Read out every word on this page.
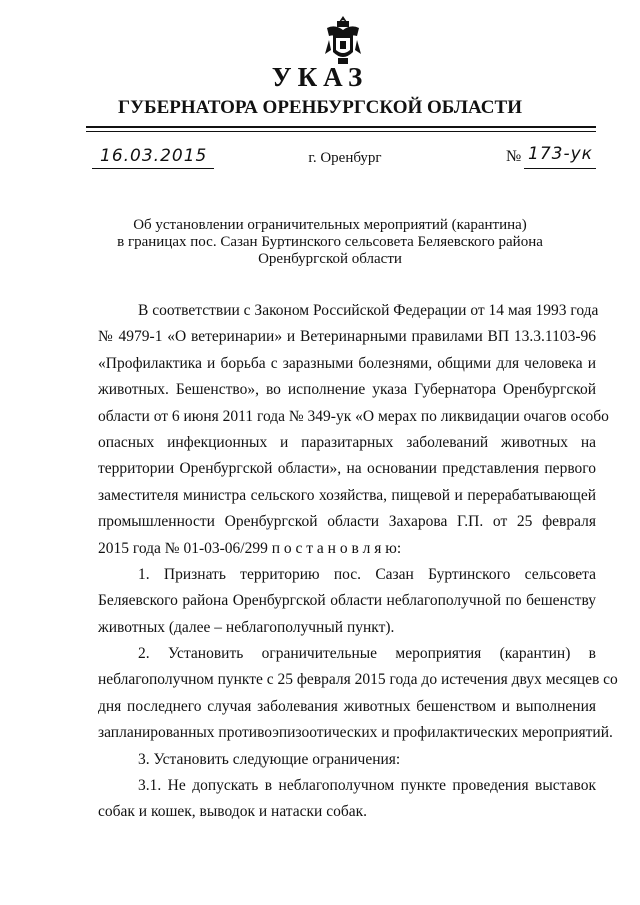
УКАЗ
ГУБЕРНАТОРА ОРЕНБУРГСКОЙ ОБЛАСТИ
16.03.2015	г. Оренбург	№ 173-ук
Об установлении ограничительных мероприятий (карантина)
в границах пос. Сазан Буртинского сельсовета Беляевского района
Оренбургской области
В соответствии с Законом Российской Федерации от 14 мая 1993 года
№ 4979-1 «О ветеринарии» и Ветеринарными правилами ВП 13.3.1103-96
«Профилактика и борьба с заразными болезнями, общими для человека и
животных. Бешенство», во исполнение указа Губернатора Оренбургской
области от 6 июня 2011 года № 349-ук «О мерах по ликвидации очагов особо
опасных инфекционных и паразитарных заболеваний животных на
территории Оренбургской области», на основании представления первого
заместителя министра сельского хозяйства, пищевой и перерабатывающей
промышленности Оренбургской области Захарова Г.П. от 25 февраля
2015 года № 01-03-06/299 п о с т а н о в л я ю:
1. Признать территорию пос. Сазан Буртинского сельсовета
Беляевского района Оренбургской области неблагополучной по бешенству
животных (далее – неблагополучный пункт).
2. Установить ограничительные мероприятия (карантин) в
неблагополучном пункте с 25 февраля 2015 года до истечения двух месяцев со
дня последнего случая заболевания животных бешенством и выполнения
запланированных противоэпизоотических и профилактических мероприятий.
3. Установить следующие ограничения:
3.1. Не допускать в неблагополучном пункте проведения выставок
собак и кошек, выводок и натаски собак.
